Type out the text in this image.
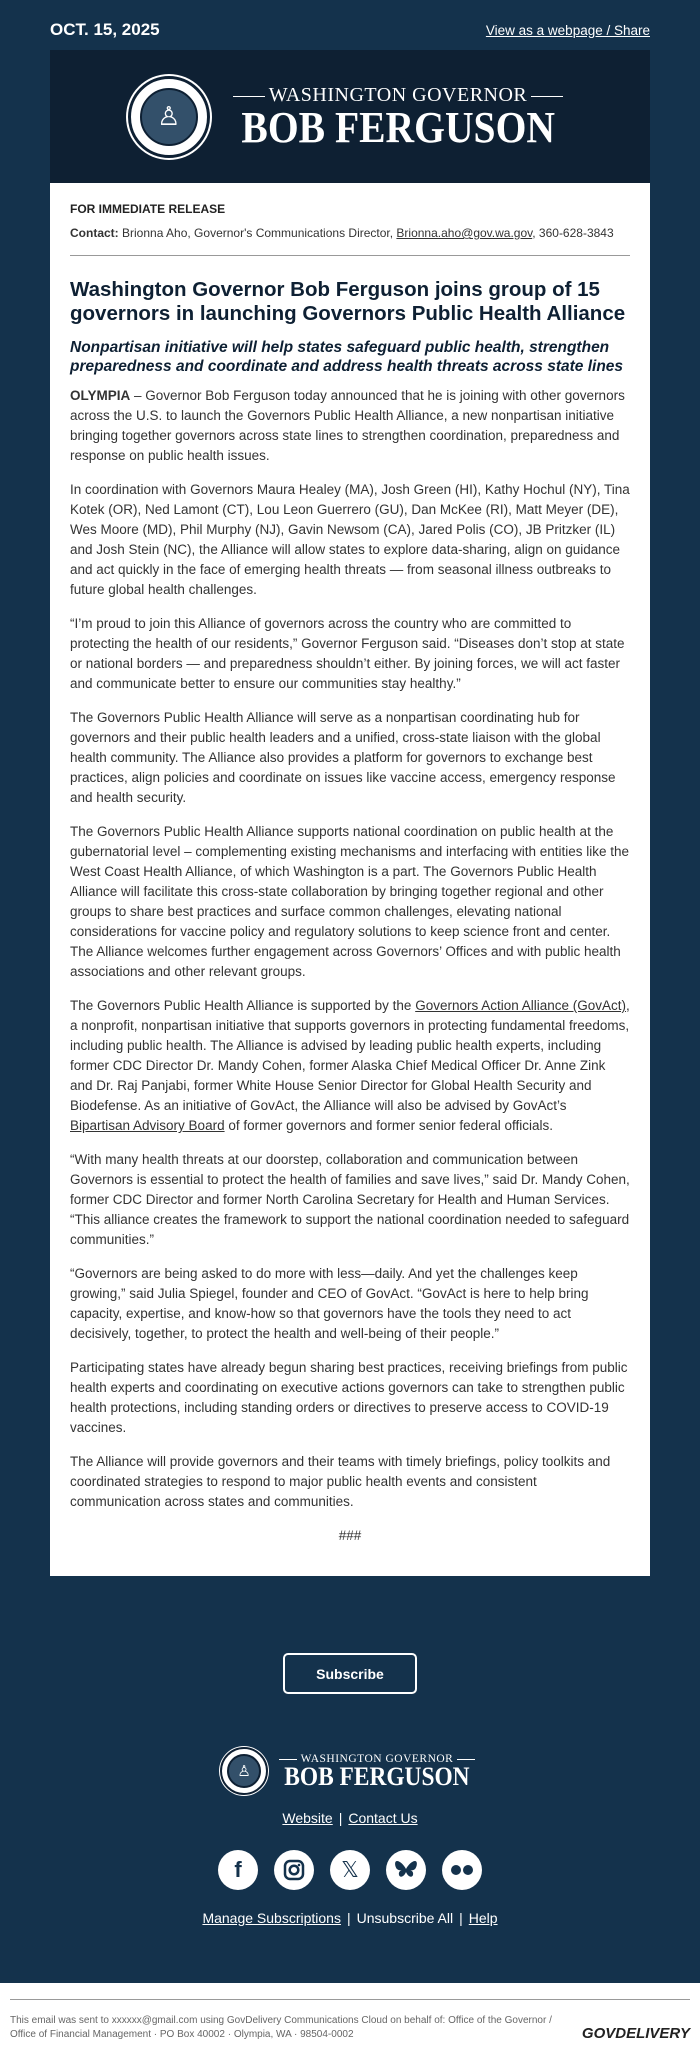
OCT. 15, 2025	View as a webpage / Share
♙
WASHINGTON GOVERNOR
BOB FERGUSON
FOR IMMEDIATE RELEASE
Contact: Brionna Aho, Governor's Communications Director, Brionna.aho@gov.wa.gov, 360-628-3843
Washington Governor Bob Ferguson joins group of 15 governors in launching Governors Public Health Alliance
Nonpartisan initiative will help states safeguard public health, strengthen preparedness and coordinate and address health threats across state lines

OLYMPIA – Governor Bob Ferguson today announced that he is joining with other governors across the U.S. to launch the Governors Public Health Alliance, a new nonpartisan initiative bringing together governors across state lines to strengthen coordination, preparedness and response on public health issues.

In coordination with Governors Maura Healey (MA), Josh Green (HI), Kathy Hochul (NY), Tina Kotek (OR), Ned Lamont (CT), Lou Leon Guerrero (GU), Dan McKee (RI), Matt Meyer (DE), Wes Moore (MD), Phil Murphy (NJ), Gavin Newsom (CA), Jared Polis (CO), JB Pritzker (IL) and Josh Stein (NC), the Alliance will allow states to explore data-sharing, align on guidance and act quickly in the face of emerging health threats — from seasonal illness outbreaks to future global health challenges.

“I’m proud to join this Alliance of governors across the country who are committed to protecting the health of our residents,” Governor Ferguson said. “Diseases don’t stop at state or national borders — and preparedness shouldn’t either. By joining forces, we will act faster and communicate better to ensure our communities stay healthy.”

The Governors Public Health Alliance will serve as a nonpartisan coordinating hub for governors and their public health leaders and a unified, cross-state liaison with the global health community. The Alliance also provides a platform for governors to exchange best practices, align policies and coordinate on issues like vaccine access, emergency response and health security.

The Governors Public Health Alliance supports national coordination on public health at the gubernatorial level – complementing existing mechanisms and interfacing with entities like the West Coast Health Alliance, of which Washington is a part. The Governors Public Health Alliance will facilitate this cross-state collaboration by bringing together regional and other groups to share best practices and surface common challenges, elevating national considerations for vaccine policy and regulatory solutions to keep science front and center. The Alliance welcomes further engagement across Governors’ Offices and with public health associations and other relevant groups.

The Governors Public Health Alliance is supported by the Governors Action Alliance (GovAct), a nonprofit, nonpartisan initiative that supports governors in protecting fundamental freedoms, including public health. The Alliance is advised by leading public health experts, including former CDC Director Dr. Mandy Cohen, former Alaska Chief Medical Officer Dr. Anne Zink and Dr. Raj Panjabi, former White House Senior Director for Global Health Security and Biodefense. As an initiative of GovAct, the Alliance will also be advised by GovAct’s Bipartisan Advisory Board of former governors and former senior federal officials.

“With many health threats at our doorstep, collaboration and communication between Governors is essential to protect the health of families and save lives,” said Dr. Mandy Cohen, former CDC Director and former North Carolina Secretary for Health and Human Services. “This alliance creates the framework to support the national coordination needed to safeguard communities.”

“Governors are being asked to do more with less—daily. And yet the challenges keep growing,” said Julia Spiegel, founder and CEO of GovAct. “GovAct is here to help bring capacity, expertise, and know-how so that governors have the tools they need to act decisively, together, to protect the health and well-being of their people.”

Participating states have already begun sharing best practices, receiving briefings from public health experts and coordinating on executive actions governors can take to strengthen public health protections, including standing orders or directives to preserve access to COVID-19 vaccines.

The Alliance will provide governors and their teams with timely briefings, policy toolkits and coordinated strategies to respond to major public health events and consistent communication across states and communities.

###
Subscribe
♙
WASHINGTON GOVERNOR
BOB FERGUSON
Website | Contact Us
f	𝕏
Manage Subscriptions | Unsubscribe All | Help
This email was sent to xxxxxx@gmail.com using GovDelivery Communications Cloud on behalf of: Office of the Governor / Office of Financial Management · PO Box 40002 · Olympia, WA · 98504-0002	GOVDELIVERY
